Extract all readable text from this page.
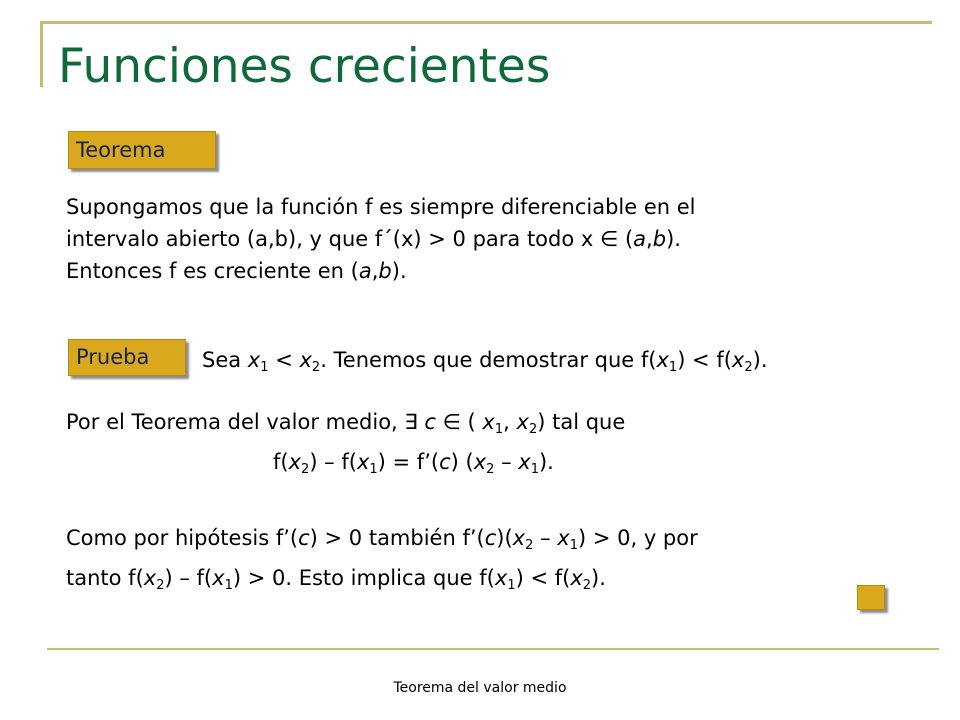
Funciones crecientes
Teorema

Supongamos que la función f es siempre diferenciable en el
intervalo abierto (a,b), y que f´(x) > 0 para todo x ∈ (a,b).
Entonces f es creciente en (a,b).

Prueba	Sea $x_1 < x_2$. Tenemos que demostrar que $f(x_1) < f(x_2)$.

Por el Teorema del valor medio, ∃ c ∈ ( $x_1$, $x_2$) tal que

$f(x_2) - f(x_1)$ = f’(c) $(x_2 - x_1)$.

Como por hipótesis f’(c) > 0 también $f’(c)(x_2 - x_1) > 0$, y por
tanto $f(x_2) - f(x_1) > 0$. Esto implica que $f(x_1) < f(x_2)$.

Teorema del valor medio
